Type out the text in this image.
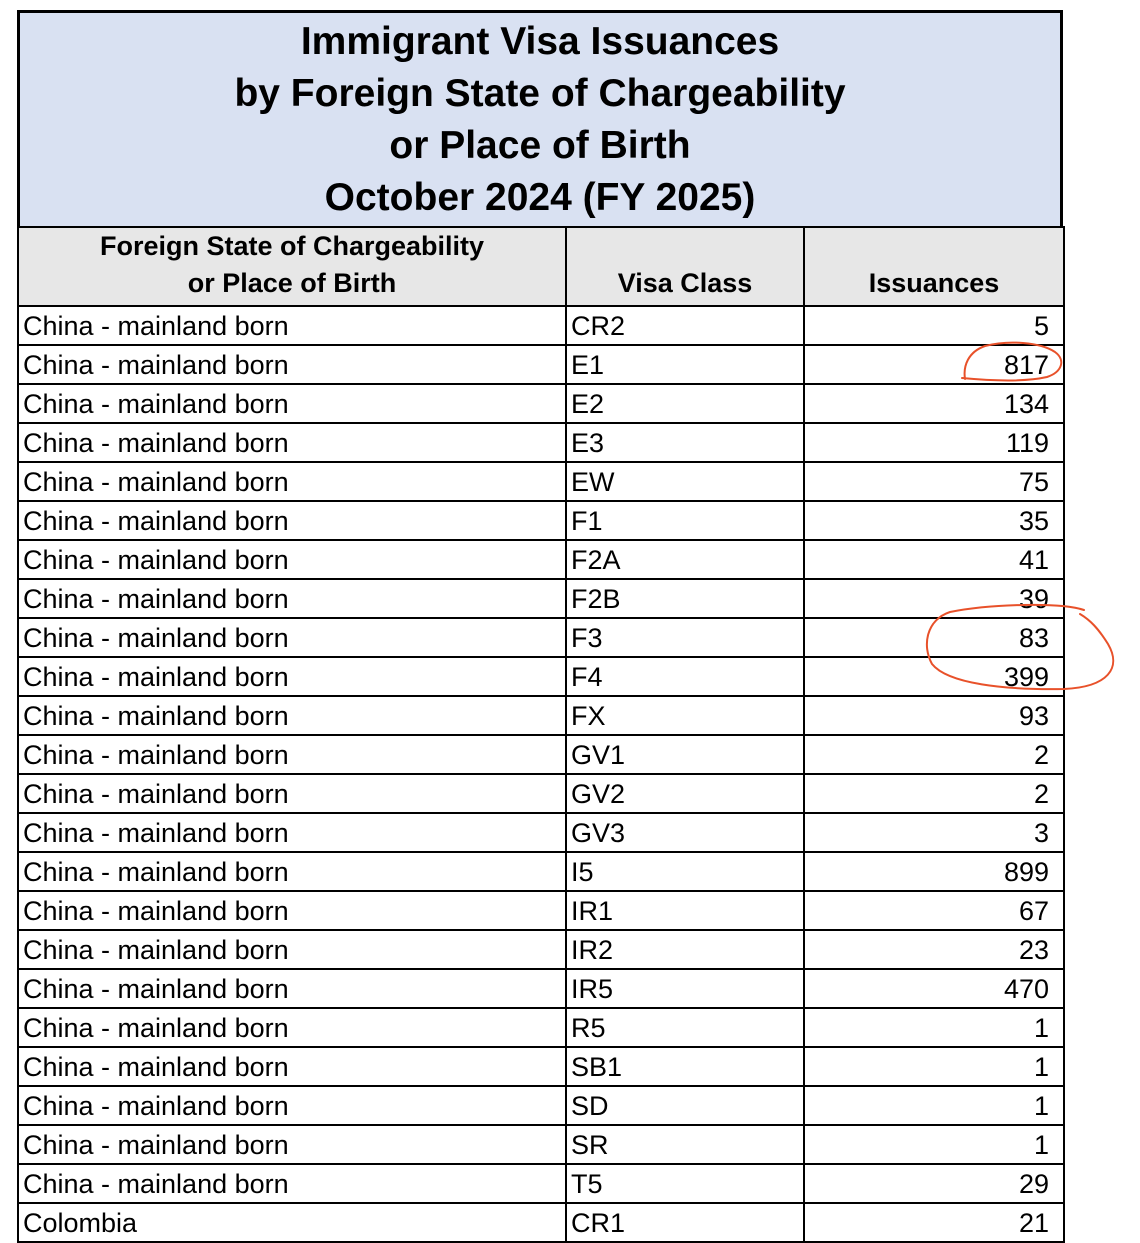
Immigrant Visa Issuances
by Foreign State of Chargeability
or Place of Birth
October 2024 (FY 2025)
Foreign State of Chargeability
or Place of Birth	Visa Class	Issuances
China - mainland born	CR2	5
China - mainland born	E1	817
China - mainland born	E2	134
China - mainland born	E3	119
China - mainland born	EW	75
China - mainland born	F1	35
China - mainland born	F2A	41
China - mainland born	F2B	39
China - mainland born	F3	83
China - mainland born	F4	399
China - mainland born	FX	93
China - mainland born	GV1	2
China - mainland born	GV2	2
China - mainland born	GV3	3
China - mainland born	I5	899
China - mainland born	IR1	67
China - mainland born	IR2	23
China - mainland born	IR5	470
China - mainland born	R5	1
China - mainland born	SB1	1
China - mainland born	SD	1
China - mainland born	SR	1
China - mainland born	T5	29
Colombia	CR1	21
